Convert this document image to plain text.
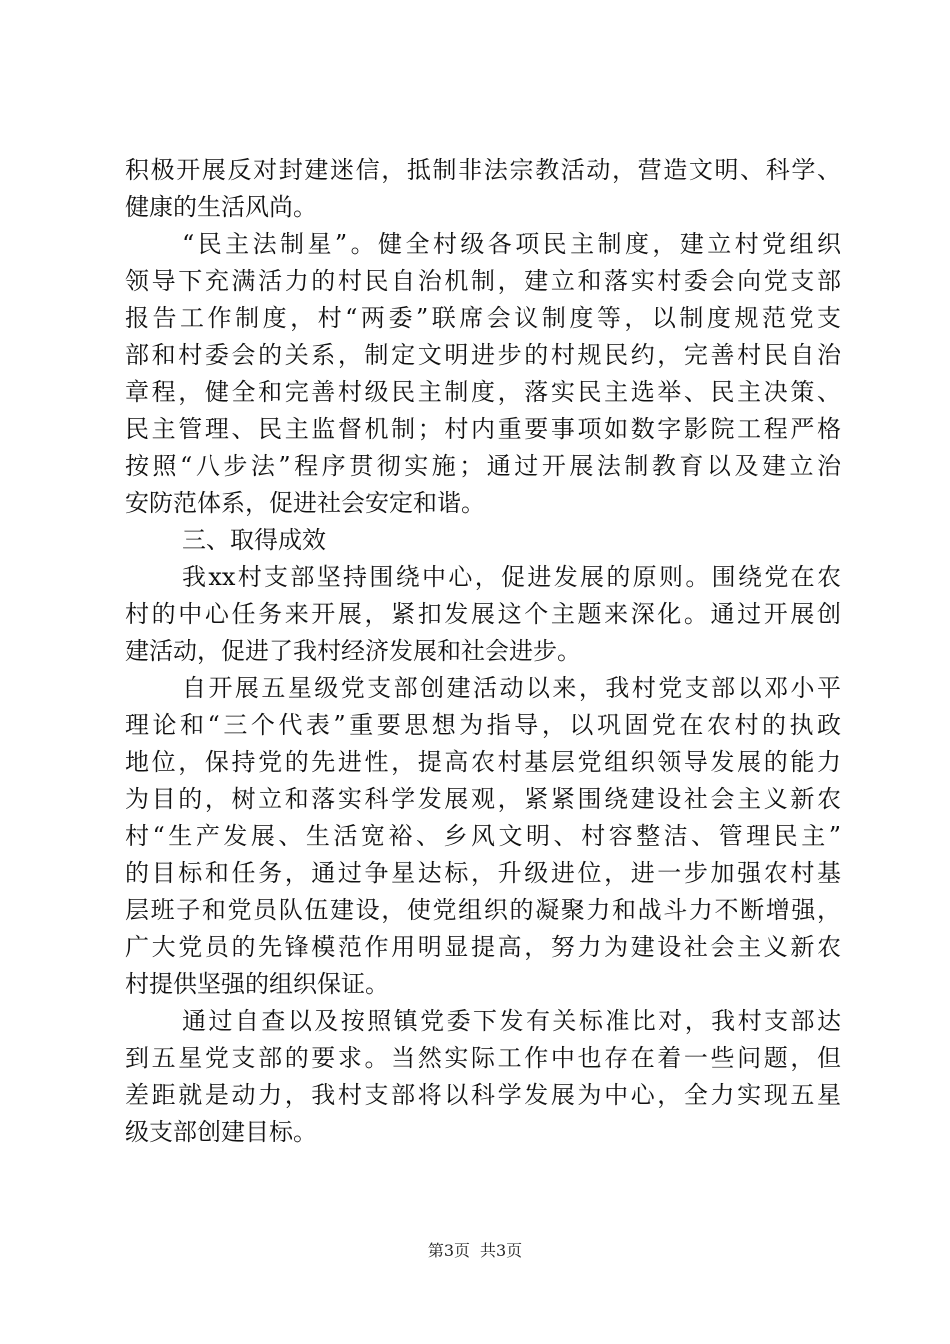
积极开展反对封建迷信，抵制非法宗教活动，营造文明、科学、
健康的生活风尚。
“民主法制星”。健全村级各项民主制度，建立村党组织
领导下充满活力的村民自治机制，建立和落实村委会向党支部
报告工作制度，村“两委”联席会议制度等，以制度规范党支
部和村委会的关系，制定文明进步的村规民约，完善村民自治
章程，健全和完善村级民主制度，落实民主选举、民主决策、
民主管理、民主监督机制；村内重要事项如数字影院工程严格
按照“八步法”程序贯彻实施；通过开展法制教育以及建立治
安防范体系，促进社会安定和谐。
三、取得成效
我xx村支部坚持围绕中心，促进发展的原则。围绕党在农
村的中心任务来开展，紧扣发展这个主题来深化。通过开展创
建活动，促进了我村经济发展和社会进步。
自开展五星级党支部创建活动以来，我村党支部以邓小平
理论和“三个代表”重要思想为指导，以巩固党在农村的执政
地位，保持党的先进性，提高农村基层党组织领导发展的能力
为目的，树立和落实科学发展观，紧紧围绕建设社会主义新农
村“生产发展、生活宽裕、乡风文明、村容整洁、管理民主”
的目标和任务，通过争星达标，升级进位，进一步加强农村基
层班子和党员队伍建设，使党组织的凝聚力和战斗力不断增强，
广大党员的先锋模范作用明显提高，努力为建设社会主义新农
村提供坚强的组织保证。
通过自查以及按照镇党委下发有关标准比对，我村支部达
到五星党支部的要求。当然实际工作中也存在着一些问题，但
差距就是动力，我村支部将以科学发展为中心，全力实现五星
级支部创建目标。
第3页 共3页
